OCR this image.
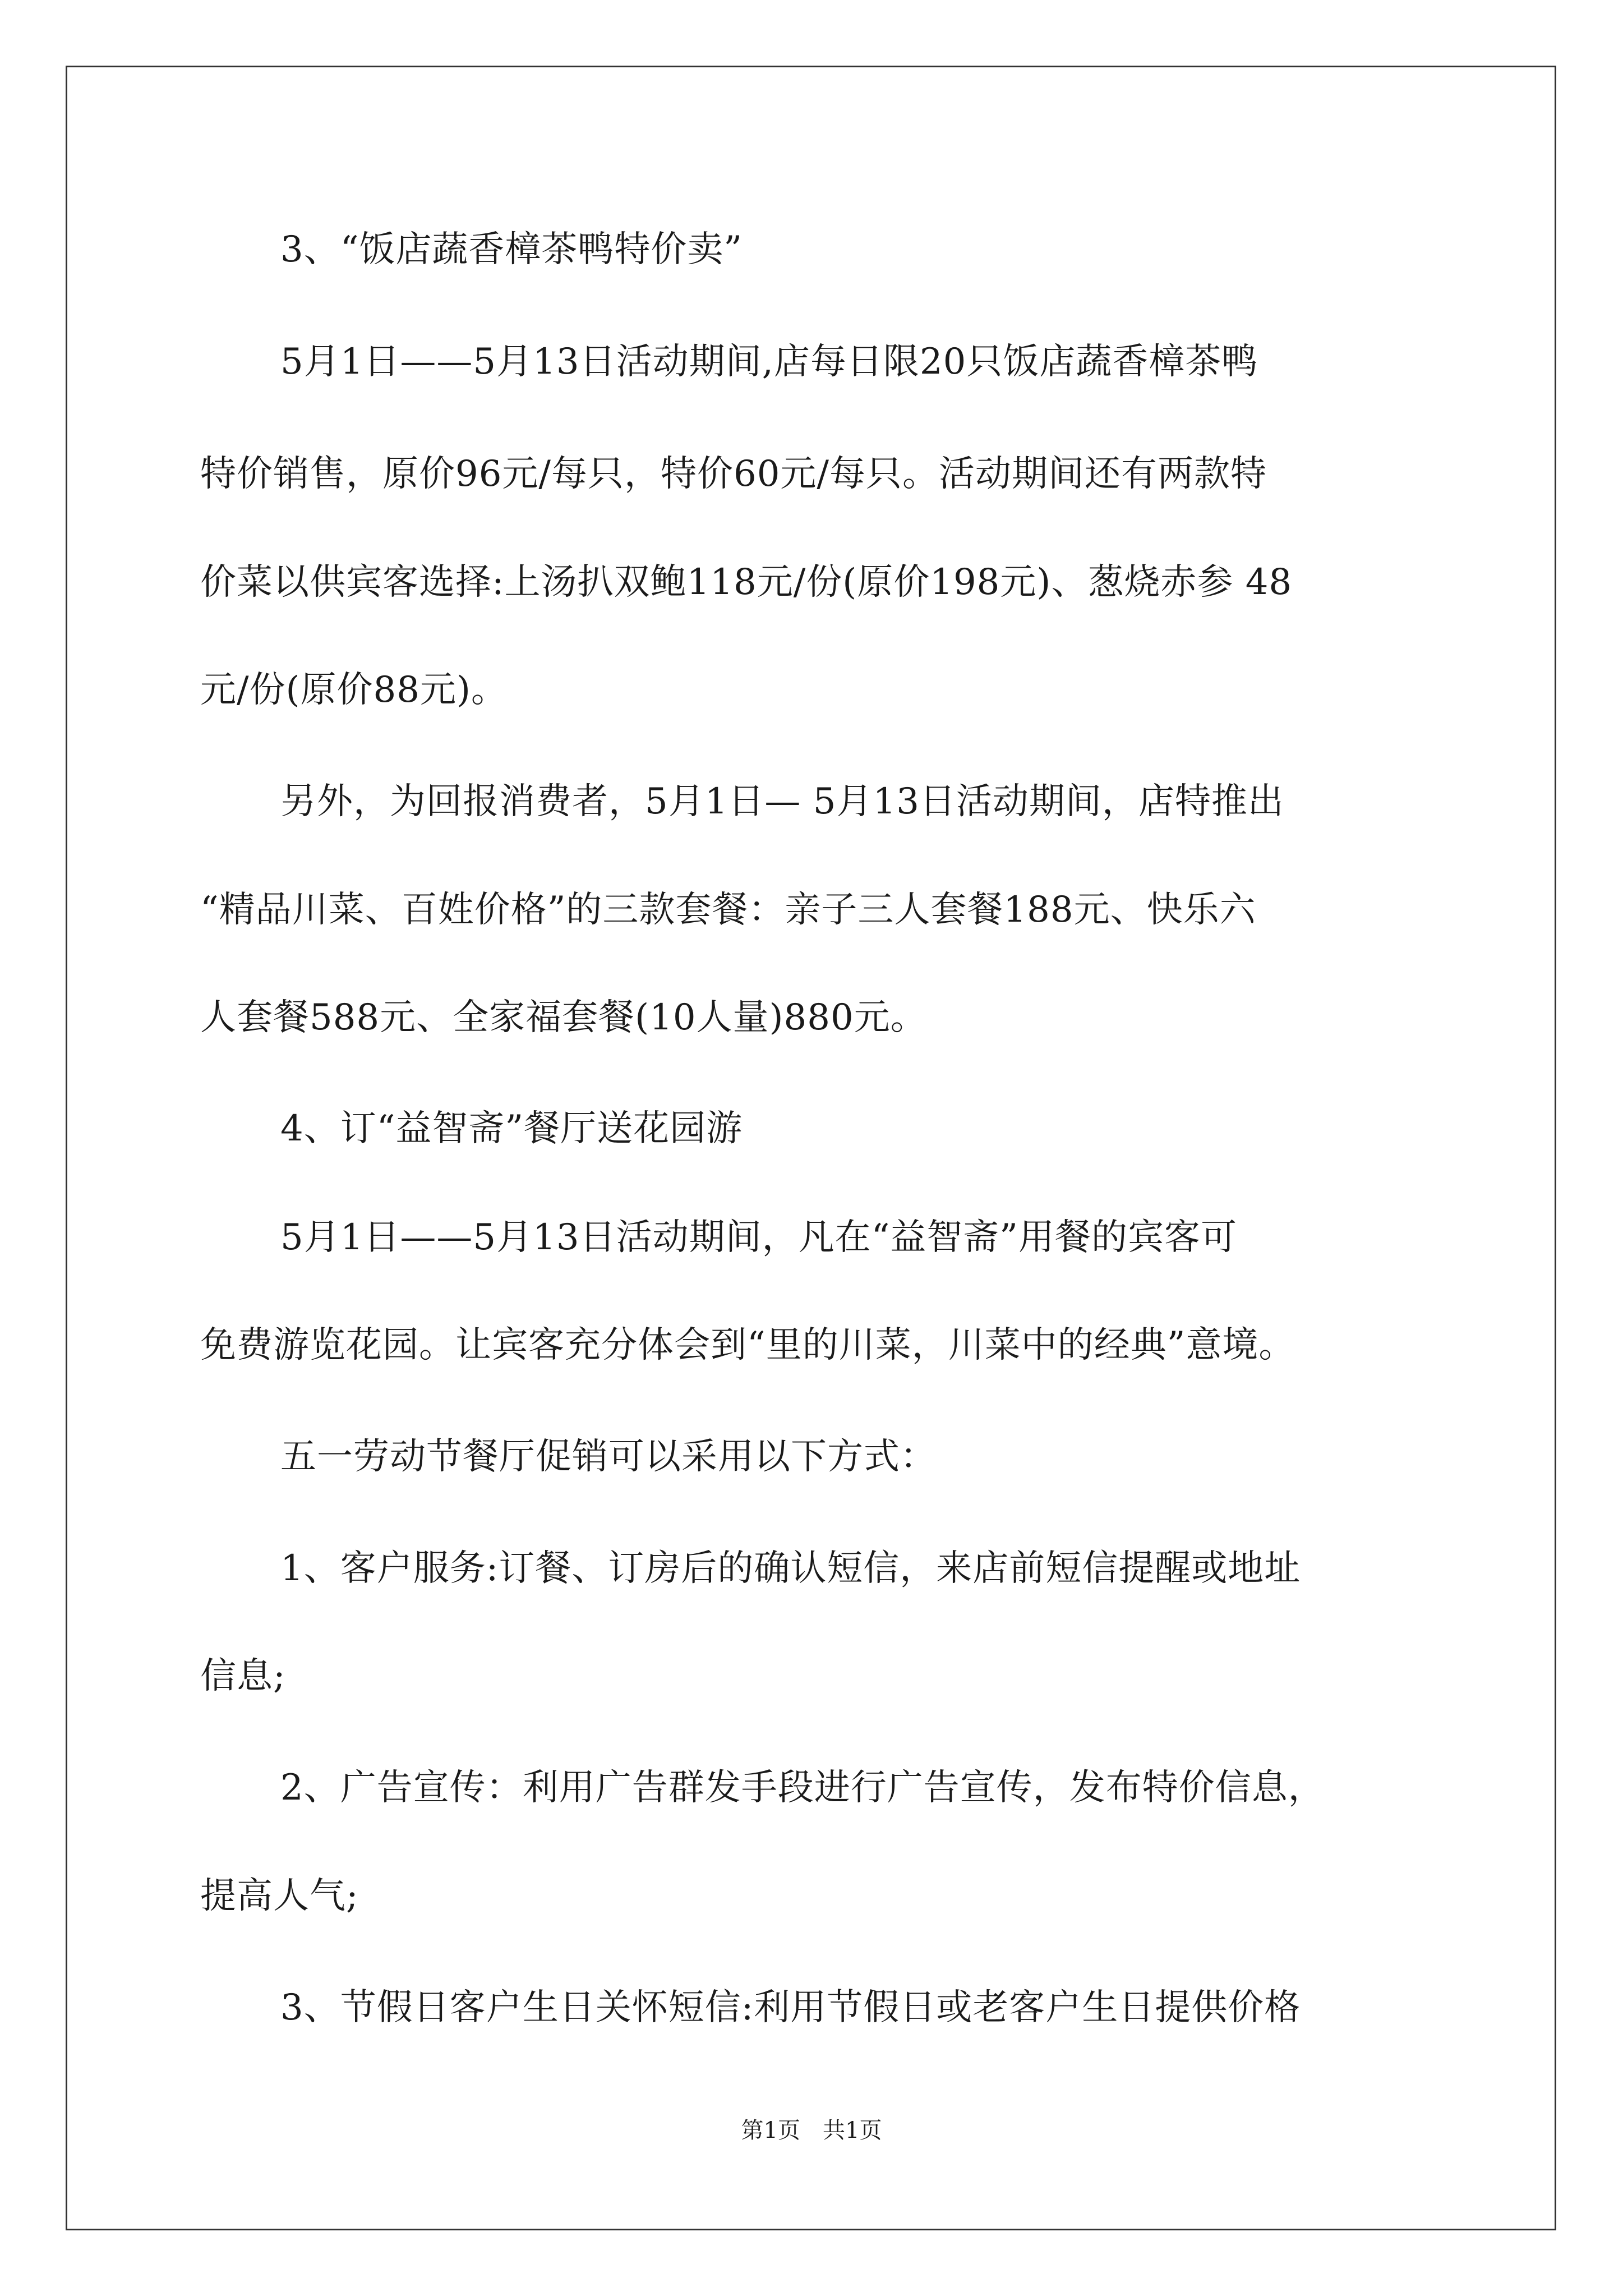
3、“饭店蔬香樟茶鸭特价卖”
5月1日——5月13日活动期间,店每日限20只饭店蔬香樟茶鸭
特价销售，原价96元/每只，特价60元/每只。活动期间还有两款特
价菜以供宾客选择:上汤扒双鲍118元/份(原价198元)、葱烧赤参 48
元/份(原价88元)。
另外，为回报消费者，5月1日— 5月13日活动期间，店特推出
“精品川菜、百姓价格”的三款套餐：亲子三人套餐188元、快乐六
人套餐588元、全家福套餐(10人量)880元。
4、订“益智斋”餐厅送花园游
5月1日——5月13日活动期间，凡在“益智斋”用餐的宾客可
免费游览花园。让宾客充分体会到“里的川菜，川菜中的经典”意境。
五一劳动节餐厅促销可以采用以下方式：
1、客户服务:订餐、订房后的确认短信，来店前短信提醒或地址
信息;
2、广告宣传：利用广告群发手段进行广告宣传，发布特价信息，
提高人气;
3、节假日客户生日关怀短信:利用节假日或老客户生日提供价格
第1页　共1页
